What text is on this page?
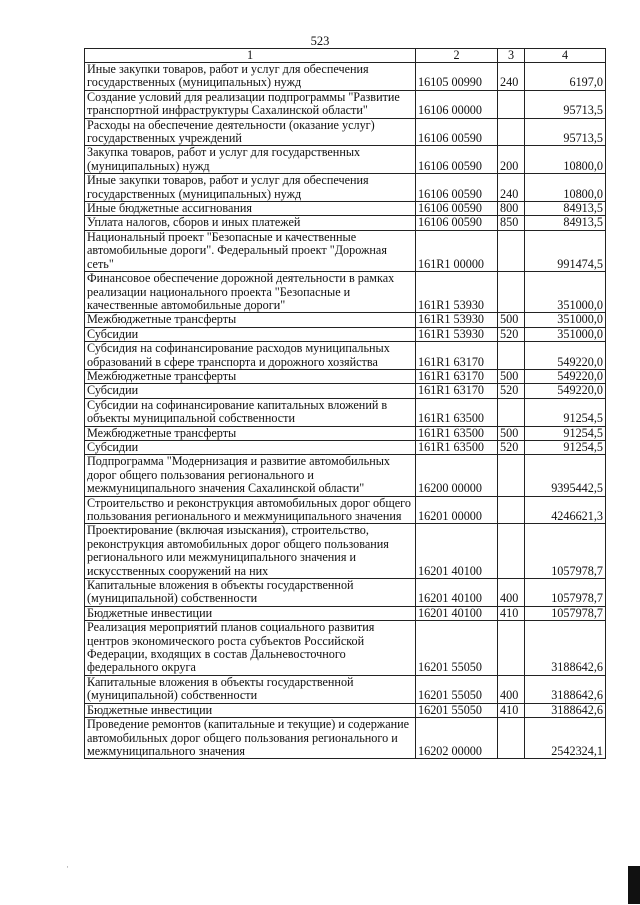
523
1	2	3	4
Иные закупки товаров, работ и услуг для обеспечения государственных (муниципальных) нужд	16105 00990	240	6197,0
Создание условий для реализации подпрограммы "Развитие транспортной инфраструктуры Сахалинской области"	16106 00000		95713,5
Расходы на обеспечение деятельности (оказание услуг) государственных учреждений	16106 00590		95713,5
Закупка товаров, работ и услуг для государственных (муниципальных) нужд	16106 00590	200	10800,0
Иные закупки товаров, работ и услуг для обеспечения государственных (муниципальных) нужд	16106 00590	240	10800,0
Иные бюджетные ассигнования	16106 00590	800	84913,5
Уплата налогов, сборов и иных платежей	16106 00590	850	84913,5
Национальный проект "Безопасные и качественные автомобильные дороги". Федеральный проект "Дорожная сеть"	161R1 00000		991474,5
Финансовое обеспечение дорожной деятельности в рамках реализации национального проекта "Безопасные и качественные автомобильные дороги"	161R1 53930		351000,0
Межбюджетные трансферты	161R1 53930	500	351000,0
Субсидии	161R1 53930	520	351000,0
Субсидия на софинансирование расходов муниципальных образований в сфере транспорта и дорожного хозяйства	161R1 63170		549220,0
Межбюджетные трансферты	161R1 63170	500	549220,0
Субсидии	161R1 63170	520	549220,0
Субсидии на софинансирование капитальных вложений в объекты муниципальной собственности	161R1 63500		91254,5
Межбюджетные трансферты	161R1 63500	500	91254,5
Субсидии	161R1 63500	520	91254,5
Подпрограмма "Модернизация и развитие автомобильных дорог общего пользования регионального и межмуниципального значения Сахалинской области"	16200 00000		9395442,5
Строительство и реконструкция автомобильных дорог общего пользования регионального и межмуниципального значения	16201 00000		4246621,3
Проектирование (включая изыскания), строительство, реконструкция автомобильных дорог общего пользования регионального или межмуниципального значения и искусственных сооружений на них	16201 40100		1057978,7
Капитальные вложения в объекты государственной (муниципальной) собственности	16201 40100	400	1057978,7
Бюджетные инвестиции	16201 40100	410	1057978,7
Реализация мероприятий планов социального развития центров экономического роста субъектов Российской Федерации, входящих в состав Дальневосточного федерального округа	16201 55050		3188642,6
Капитальные вложения в объекты государственной (муниципальной) собственности	16201 55050	400	3188642,6
Бюджетные инвестиции	16201 55050	410	3188642,6
Проведение ремонтов (капитальные и текущие) и содержание автомобильных дорог общего пользования регионального и межмуниципального значения	16202 00000		2542324,1
·
